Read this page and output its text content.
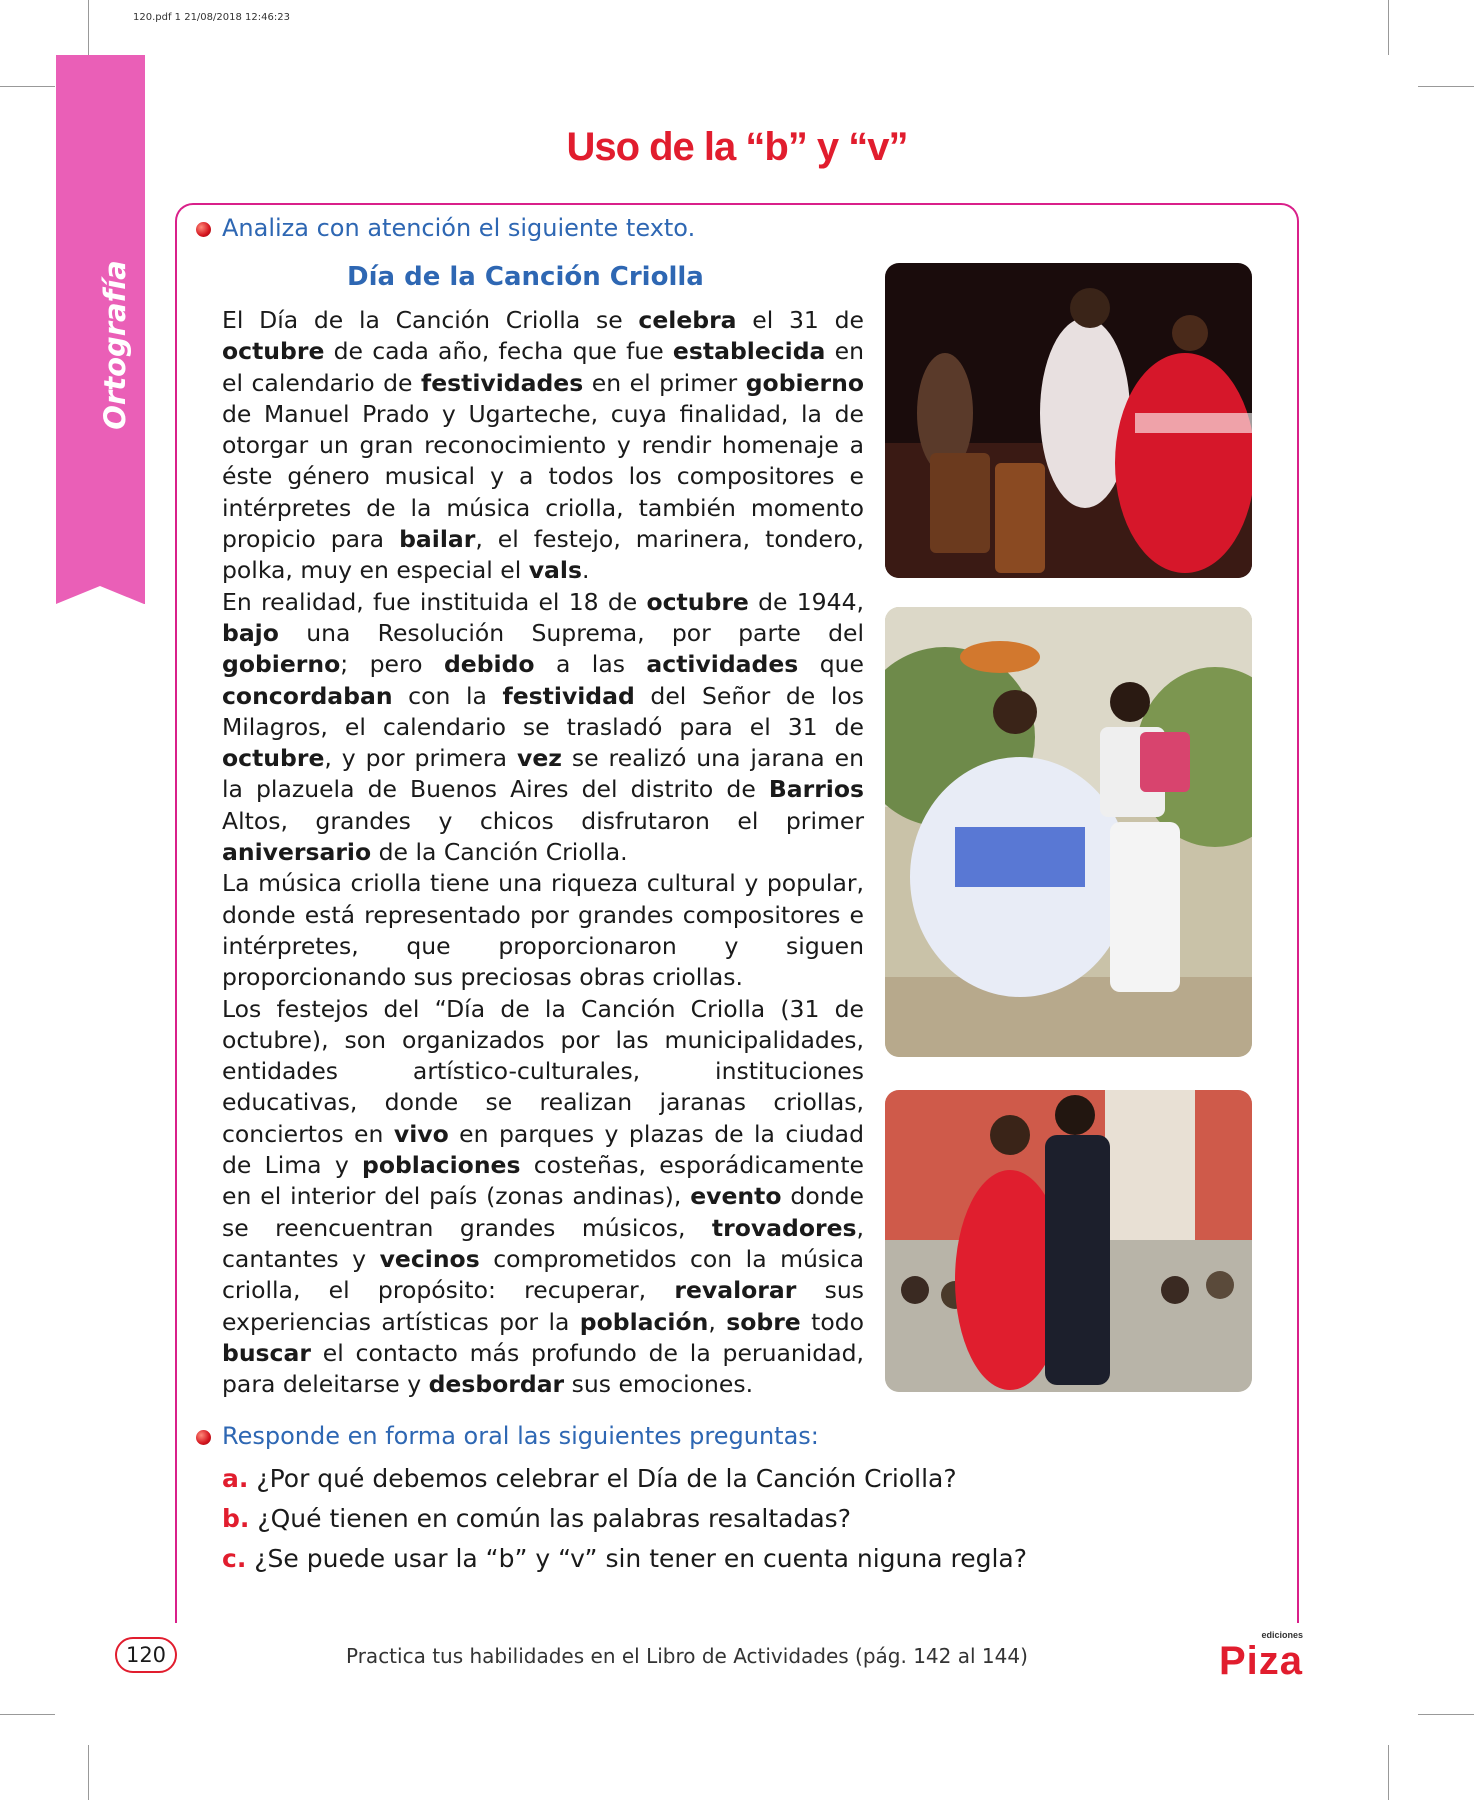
120.pdf 1 21/08/2018 12:46:23
Ortografía
Uso de la “b” y “v”
Analiza con atención el siguiente texto.
Día de la Canción Criolla

El Día de la Canción Criolla se celebra el 31 de octubre de cada año, fecha que fue establecida en el calendario de festividades en el primer gobierno de Manuel Prado y Ugarteche, cuya finalidad, la de otorgar un gran reconocimiento y rendir homenaje a éste género musical y a todos los compositores e intérpretes de la música criolla, también momento propicio para bailar, el festejo, marinera, tondero, polka, muy en especial el vals.

En realidad, fue instituida el 18 de octubre de 1944, bajo una Resolución Suprema, por parte del gobierno; pero debido a las actividades que concordaban con la festividad del Señor de los Milagros, el calendario se trasladó para el 31 de octubre, y por primera vez se realizó una jarana en la plazuela de Buenos Aires del distrito de Barrios Altos, grandes y chicos disfrutaron el primer aniversario de la Canción Criolla.

La música criolla tiene una riqueza cultural y popular, donde está representado por grandes compositores e intérpretes, que proporcionaron y siguen proporcionando sus preciosas obras criollas.

Los festejos del “Día de la Canción Criolla (31 de octubre), son organizados por las municipalidades, entidades artístico-culturales, instituciones educativas, donde se realizan jaranas criollas, conciertos en vivo en parques y plazas de la ciudad de Lima y poblaciones costeñas, esporádicamente en el interior del país (zonas andinas), evento donde se reencuentran grandes músicos, trovadores, cantantes y vecinos comprometidos con la música criolla, el propósito: recuperar, revalorar sus experiencias artísticas por la población, sobre todo buscar el contacto más profundo de la peruanidad, para deleitarse y desbordar sus emociones.

Responde en forma oral las siguientes preguntas:
a. ¿Por qué debemos celebrar el Día de la Canción Criolla?
b. ¿Qué tienen en común las palabras resaltadas?
c. ¿Se puede usar la “b” y “v” sin tener en cuenta niguna regla?
120	Practica tus habilidades en el Libro de Actividades (pág. 142 al 144)
ediciones
Piza
